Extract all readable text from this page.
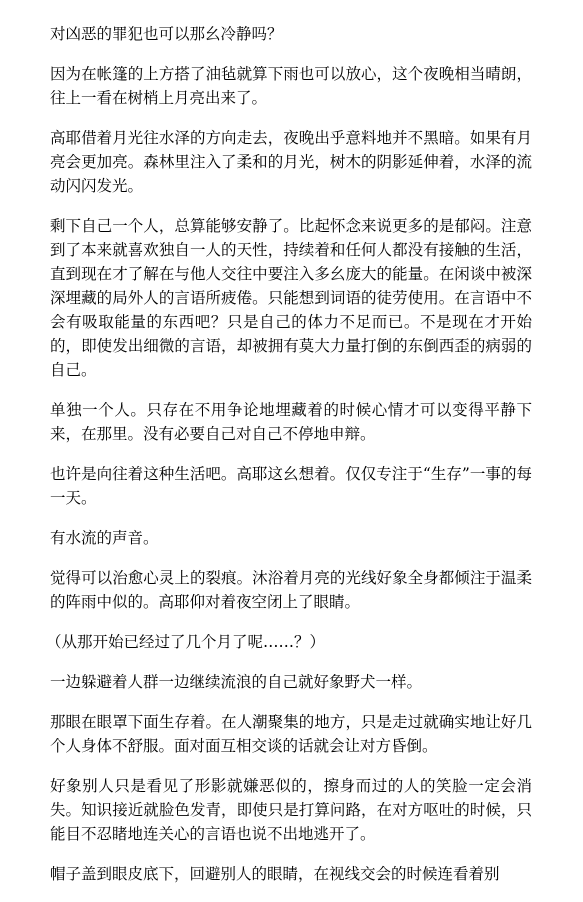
对凶恶的罪犯也可以那幺冷静吗？

因为在帐篷的上方搭了油毡就算下雨也可以放心，这个夜晚相当晴朗，往上一看在树梢上月亮出来了。

高耶借着月光往水泽的方向走去，夜晚出乎意料地并不黑暗。如果有月亮会更加亮。森林里注入了柔和的月光，树木的阴影延伸着，水泽的流动闪闪发光。

剩下自己一个人，总算能够安静了。比起怀念来说更多的是郁闷。注意到了本来就喜欢独自一人的天性，持续着和任何人都没有接触的生活，直到现在才了解在与他人交往中要注入多幺庞大的能量。在闲谈中被深深埋藏的局外人的言语所疲倦。只能想到词语的徒劳使用。在言语中不会有吸取能量的东西吧？只是自己的体力不足而已。不是现在才开始的，即使发出细微的言语，却被拥有莫大力量打倒的东倒西歪的病弱的自己。

单独一个人。只存在不用争论地埋藏着的时候心情才可以变得平静下来，在那里。没有必要自己对自己不停地申辩。

也许是向往着这种生活吧。高耶这幺想着。仅仅专注于“生存”一事的每一天。

有水流的声音。

觉得可以治愈心灵上的裂痕。沐浴着月亮的光线好象全身都倾注于温柔的阵雨中似的。高耶仰对着夜空闭上了眼睛。

（从那开始已经过了几个月了呢……？）

一边躲避着人群一边继续流浪的自己就好象野犬一样。

那眼在眼罩下面生存着。在人潮聚集的地方，只是走过就确实地让好几个人身体不舒服。面对面互相交谈的话就会让对方昏倒。

好象别人只是看见了形影就嫌恶似的，擦身而过的人的笑脸一定会消失。知识接近就脸色发青，即使只是打算问路，在对方呕吐的时候，只能目不忍睹地连关心的言语也说不出地逃开了。

帽子盖到眼皮底下，回避别人的眼睛，在视线交会的时候连看着别
